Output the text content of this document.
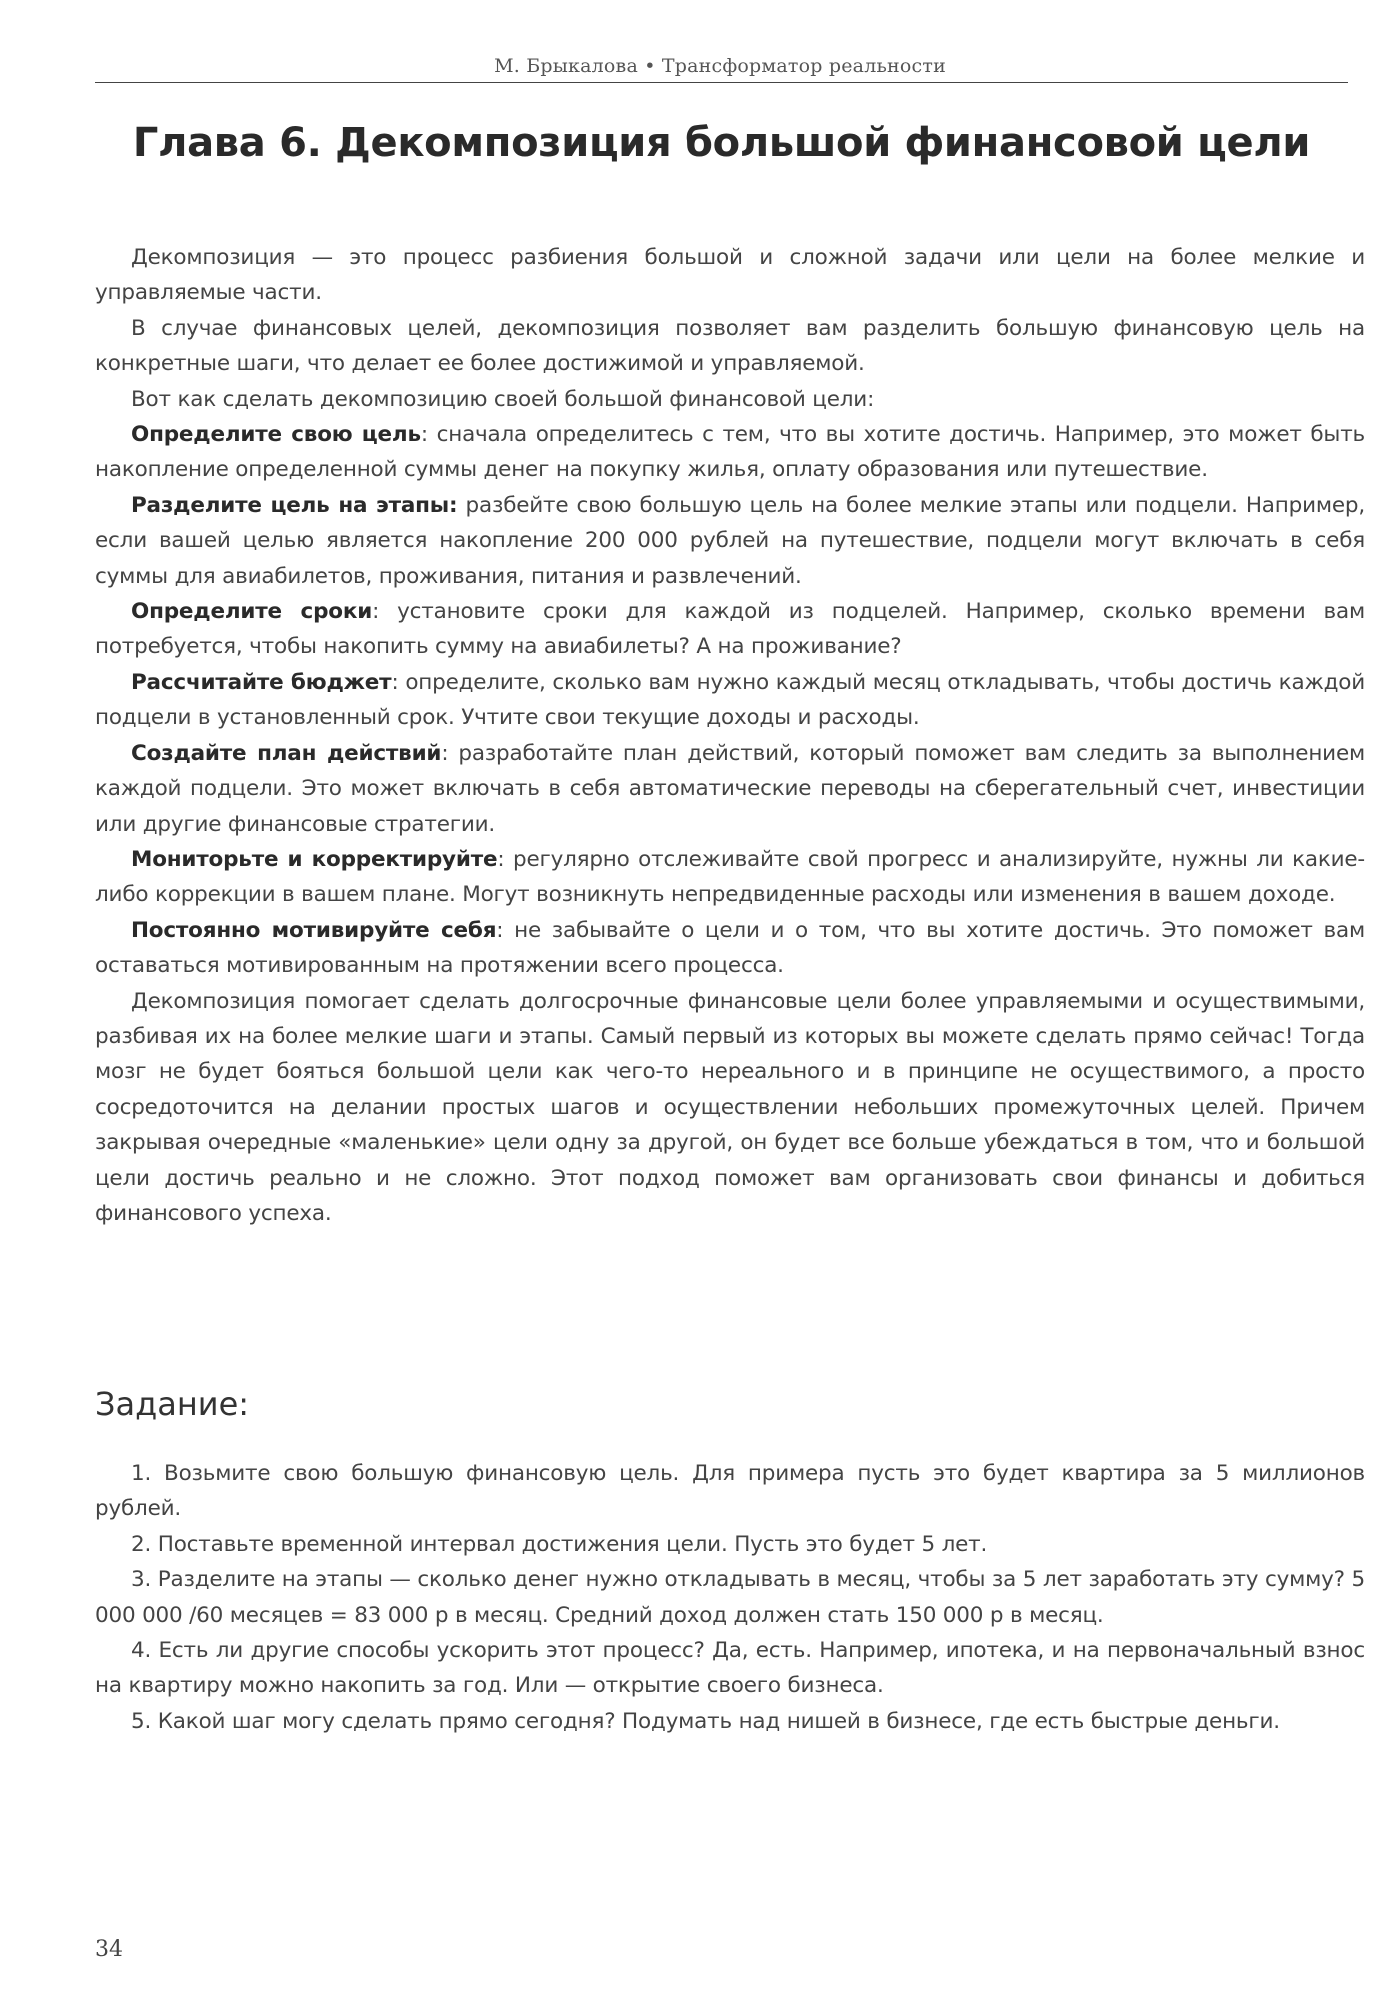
М. Брыкалова • Трансформатор реальности
Глава 6. Декомпозиция большой финансовой цели

Декомпозиция — это процесс разбиения большой и сложной задачи или цели на более мелкие и управляемые части.

В случае финансовых целей, декомпозиция позволяет вам разделить большую финансовую цель на конкретные шаги, что делает ее более достижимой и управляемой.

Вот как сделать декомпозицию своей большой финансовой цели:

Определите свою цель: сначала определитесь с тем, что вы хотите достичь. Например, это может быть накопление определенной суммы денег на покупку жилья, оплату образования или путешествие.

Разделите цель на этапы: разбейте свою большую цель на более мелкие этапы или подцели. Например, если вашей целью является накопление 200 000 рублей на путешествие, подцели могут включать в себя суммы для авиабилетов, проживания, питания и развлечений.

Определите сроки: установите сроки для каждой из подцелей. Например, сколько времени вам потребуется, чтобы накопить сумму на авиабилеты? А на проживание?

Рассчитайте бюджет: определите, сколько вам нужно каждый месяц откладывать, чтобы достичь каждой подцели в установленный срок. Учтите свои текущие доходы и расходы.

Создайте план действий: разработайте план действий, который поможет вам следить за выполнением каждой подцели. Это может включать в себя автоматические переводы на сберегательный счет, инвестиции или другие финансовые стратегии.

Мониторьте и корректируйте: регулярно отслеживайте свой прогресс и анализируйте, нужны ли какие-либо коррекции в вашем плане. Могут возникнуть непредвиденные расходы или изменения в вашем доходе.

Постоянно мотивируйте себя: не забывайте о цели и о том, что вы хотите достичь. Это поможет вам оставаться мотивированным на протяжении всего процесса.

Декомпозиция помогает сделать долгосрочные финансовые цели более управляемыми и осуществимыми, разбивая их на более мелкие шаги и этапы. Самый первый из которых вы можете сделать прямо сейчас! Тогда мозг не будет бояться большой цели как чего-то нереального и в принципе не осуществимого, а просто сосредоточится на делании простых шагов и осуществлении небольших промежуточных целей. Причем закрывая очередные «маленькие» цели одну за другой, он будет все больше убеждаться в том, что и большой цели достичь реально и не сложно. Этот подход поможет вам организовать свои финансы и добиться финансового успеха.

Задание:

1. Возьмите свою большую финансовую цель. Для примера пусть это будет квартира за 5 миллионов рублей.

2. Поставьте временной интервал достижения цели. Пусть это будет 5 лет.

3. Разделите на этапы — сколько денег нужно откладывать в месяц, чтобы за 5 лет заработать эту сумму? 5 000 000 /60 месяцев = 83 000 р в месяц. Средний доход должен стать 150 000 р в месяц.

4. Есть ли другие способы ускорить этот процесс? Да, есть. Например, ипотека, и на первоначальный взнос на квартиру можно накопить за год. Или — открытие своего бизнеса.

5. Какой шаг могу сделать прямо сегодня? Подумать над нишей в бизнесе, где есть быстрые деньги.

34
